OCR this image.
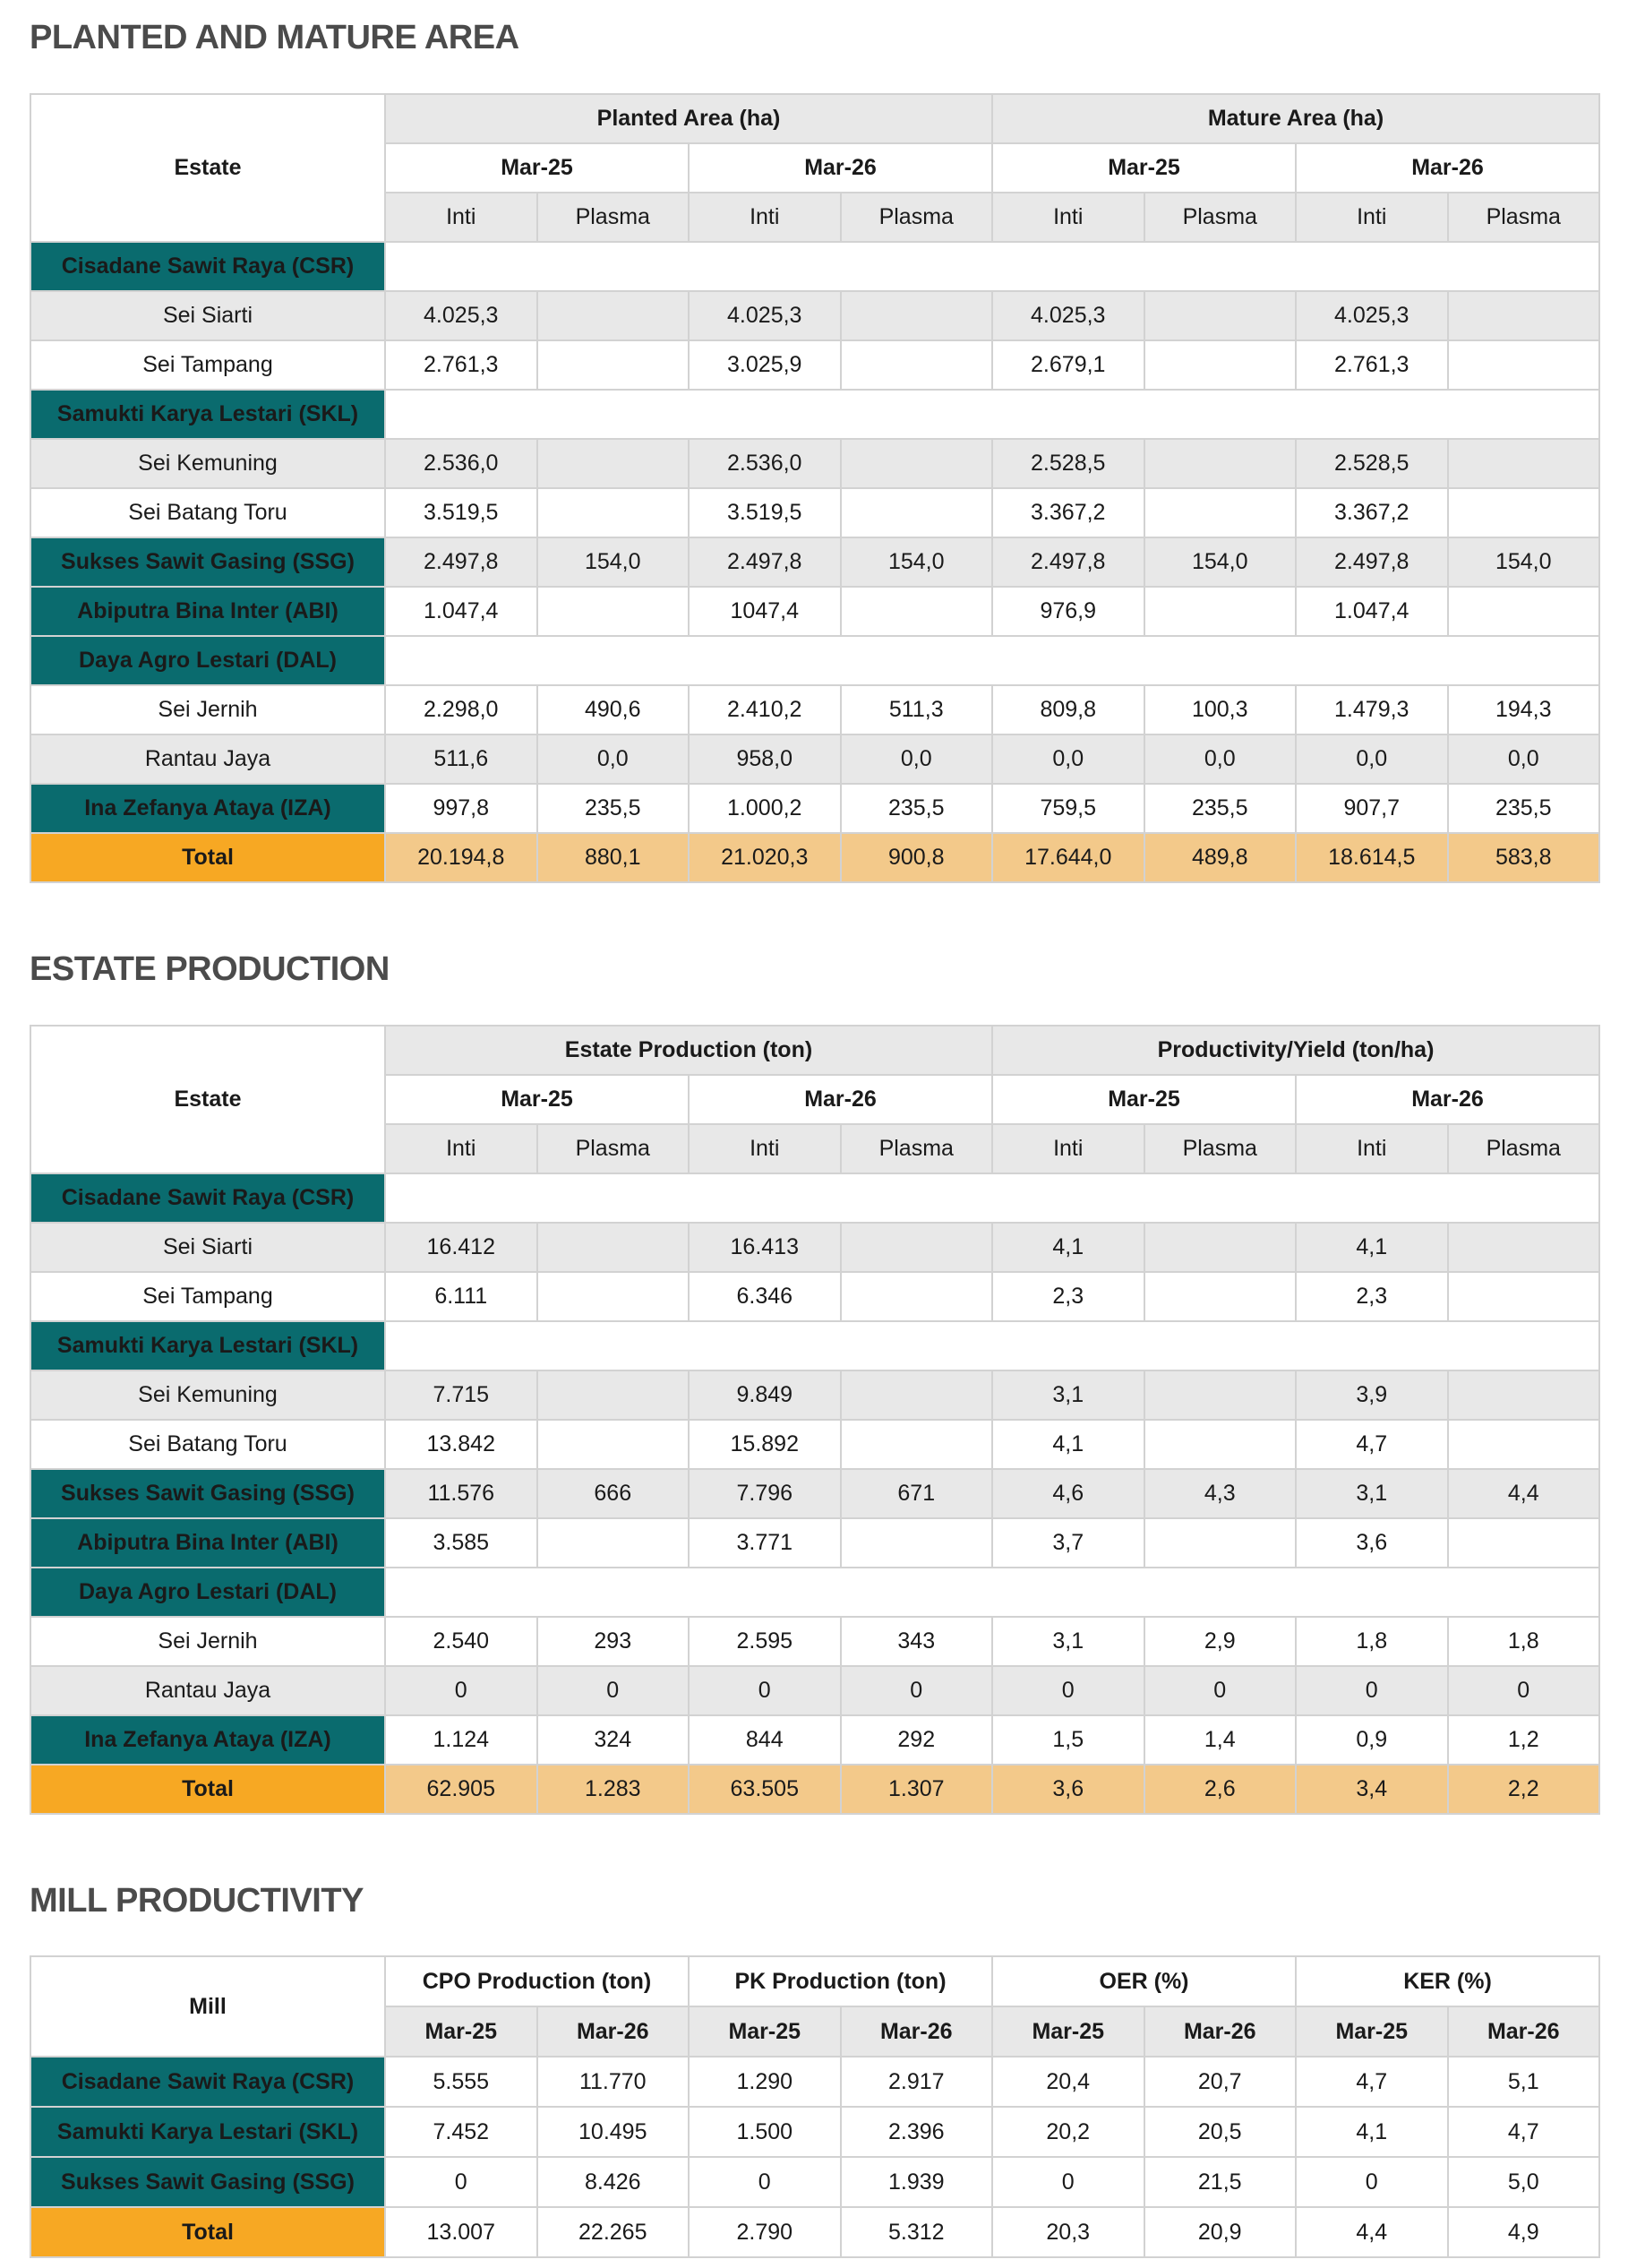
PLANTED AND MATURE AREA
Estate	Planted Area (ha)				Mature Area (ha)			
	Mar-25		Mar-26		Mar-25		Mar-26	
	Inti	Plasma	Inti	Plasma	Inti	Plasma	Inti	Plasma
Cisadane Sawit Raya (CSR)								
Sei Siarti	4.025,3		4.025,3		4.025,3		4.025,3	
Sei Tampang	2.761,3		3.025,9		2.679,1		2.761,3	
Samukti Karya Lestari (SKL)								
Sei Kemuning	2.536,0		2.536,0		2.528,5		2.528,5	
Sei Batang Toru	3.519,5		3.519,5		3.367,2		3.367,2	
Sukses Sawit Gasing (SSG)	2.497,8	154,0	2.497,8	154,0	2.497,8	154,0	2.497,8	154,0
Abiputra Bina Inter (ABI)	1.047,4		1047,4		976,9		1.047,4	
Daya Agro Lestari (DAL)								
Sei Jernih	2.298,0	490,6	2.410,2	511,3	809,8	100,3	1.479,3	194,3
Rantau Jaya	511,6	0,0	958,0	0,0	0,0	0,0	0,0	0,0
Ina Zefanya Ataya (IZA)	997,8	235,5	1.000,2	235,5	759,5	235,5	907,7	235,5
Total	20.194,8	880,1	21.020,3	900,8	17.644,0	489,8	18.614,5	583,8
ESTATE PRODUCTION
Estate	Estate Production (ton)				Productivity/Yield (ton/ha)			
	Mar-25		Mar-26		Mar-25		Mar-26	
	Inti	Plasma	Inti	Plasma	Inti	Plasma	Inti	Plasma
Cisadane Sawit Raya (CSR)								
Sei Siarti	16.412		16.413		4,1		4,1	
Sei Tampang	6.111		6.346		2,3		2,3	
Samukti Karya Lestari (SKL)								
Sei Kemuning	7.715		9.849		3,1		3,9	
Sei Batang Toru	13.842		15.892		4,1		4,7	
Sukses Sawit Gasing (SSG)	11.576	666	7.796	671	4,6	4,3	3,1	4,4
Abiputra Bina Inter (ABI)	3.585		3.771		3,7		3,6	
Daya Agro Lestari (DAL)								
Sei Jernih	2.540	293	2.595	343	3,1	2,9	1,8	1,8
Rantau Jaya	0	0	0	0	0	0	0	0
Ina Zefanya Ataya (IZA)	1.124	324	844	292	1,5	1,4	0,9	1,2
Total	62.905	1.283	63.505	1.307	3,6	2,6	3,4	2,2
MILL PRODUCTIVITY
Mill	CPO Production (ton)		PK Production (ton)		OER (%)		KER (%)	
	Mar-25	Mar-26	Mar-25	Mar-26	Mar-25	Mar-26	Mar-25	Mar-26
Cisadane Sawit Raya (CSR)	5.555	11.770	1.290	2.917	20,4	20,7	4,7	5,1
Samukti Karya Lestari (SKL)	7.452	10.495	1.500	2.396	20,2	20,5	4,1	4,7
Sukses Sawit Gasing (SSG)	0	8.426	0	1.939	0	21,5	0	5,0
Total	13.007	22.265	2.790	5.312	20,3	20,9	4,4	4,9
